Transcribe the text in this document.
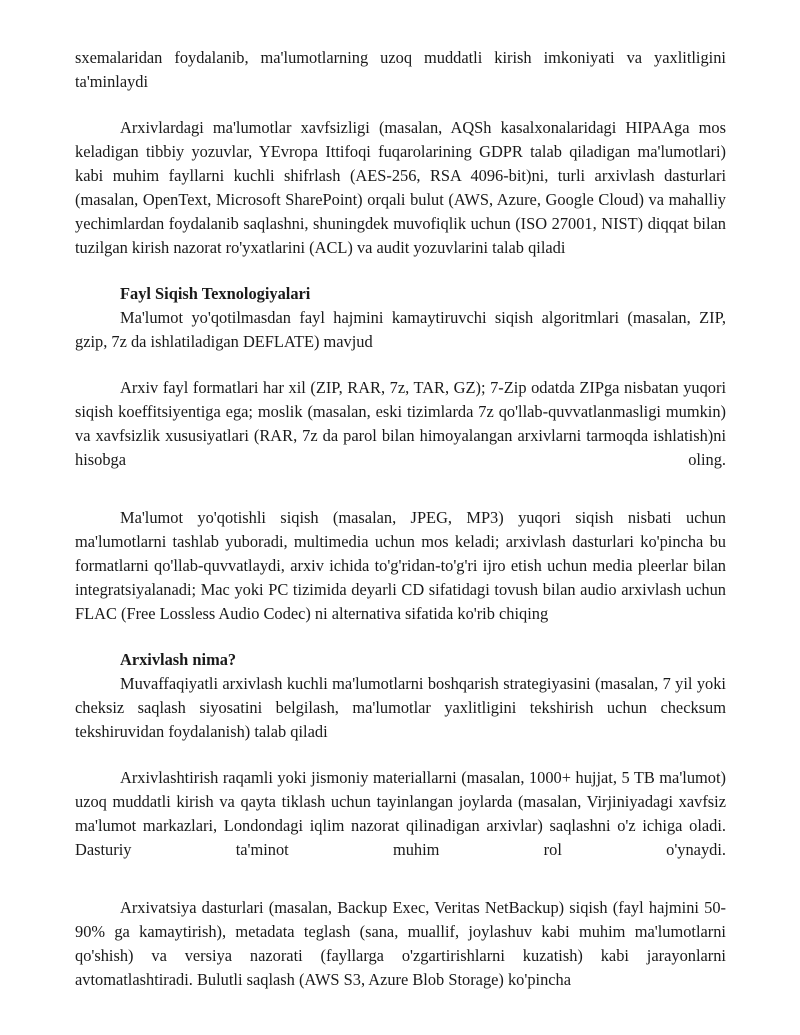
sxemalaridan foydalanib, ma'lumotlarning uzoq muddatli kirish imkoniyati va yaxlitligini ta'minlaydi

Arxivlardagi ma'lumotlar xavfsizligi (masalan, AQSh kasalxonalaridagi HIPAAga mos keladigan tibbiy yozuvlar, YEvropa Ittifoqi fuqarolarining GDPR talab qiladigan ma'lumotlari) kabi muhim fayllarni kuchli shifrlash (AES-256, RSA 4096-bit)ni, turli arxivlash dasturlari (masalan, OpenText, Microsoft SharePoint) orqali bulut (AWS, Azure, Google Cloud) va mahalliy yechimlardan foydalanib saqlashni, shuningdek muvofiqlik uchun (ISO 27001, NIST) diqqat bilan tuzilgan kirish nazorat ro'yxatlarini (ACL) va audit yozuvlarini talab qiladi

Fayl Siqish Texnologiyalari

Ma'lumot yo'qotilmasdan fayl hajmini kamaytiruvchi siqish algoritmlari (masalan, ZIP, gzip, 7z da ishlatiladigan DEFLATE) mavjud

Arxiv fayl formatlari har xil (ZIP, RAR, 7z, TAR, GZ); 7-Zip odatda ZIPga nisbatan yuqori siqish koeffitsiyentiga ega; moslik (masalan, eski tizimlarda 7z qo'llab-quvvatlanmasligi mumkin) va xavfsizlik xususiyatlari (RAR, 7z da parol bilan himoyalangan arxivlarni tarmoqda ishlatish)ni hisobga oling.

Ma'lumot yo'qotishli siqish (masalan, JPEG, MP3) yuqori siqish nisbati uchun ma'lumotlarni tashlab yuboradi, multimedia uchun mos keladi; arxivlash dasturlari ko'pincha bu formatlarni qo'llab-quvvatlaydi, arxiv ichida to'g'ridan-to'g'ri ijro etish uchun media pleerlar bilan integratsiyalanadi; Mac yoki PC tizimida deyarli CD sifatidagi tovush bilan audio arxivlash uchun FLAC (Free Lossless Audio Codec) ni alternativa sifatida ko'rib chiqing

Arxivlash nima?

Muvaffaqiyatli arxivlash kuchli ma'lumotlarni boshqarish strategiyasini (masalan, 7 yil yoki cheksiz saqlash siyosatini belgilash, ma'lumotlar yaxlitligini tekshirish uchun checksum tekshiruvidan foydalanish) talab qiladi

Arxivlashtirish raqamli yoki jismoniy materiallarni (masalan, 1000+ hujjat, 5 TB ma'lumot) uzoq muddatli kirish va qayta tiklash uchun tayinlangan joylarda (masalan, Virjiniyadagi xavfsiz ma'lumot markazlari, Londondagi iqlim nazorat qilinadigan arxivlar) saqlashni o'z ichiga oladi. Dasturiy ta'minot muhim rol o'ynaydi.

Arxivatsiya dasturlari (masalan, Backup Exec, Veritas NetBackup) siqish (fayl hajmini 50-90% ga kamaytirish), metadata teglash (sana, muallif, joylashuv kabi muhim ma'lumotlarni qo'shish) va versiya nazorati (fayllarga o'zgartirishlarni kuzatish) kabi jarayonlarni avtomatlashtiradi. Bulutli saqlash (AWS S3, Azure Blob Storage) ko'pincha
